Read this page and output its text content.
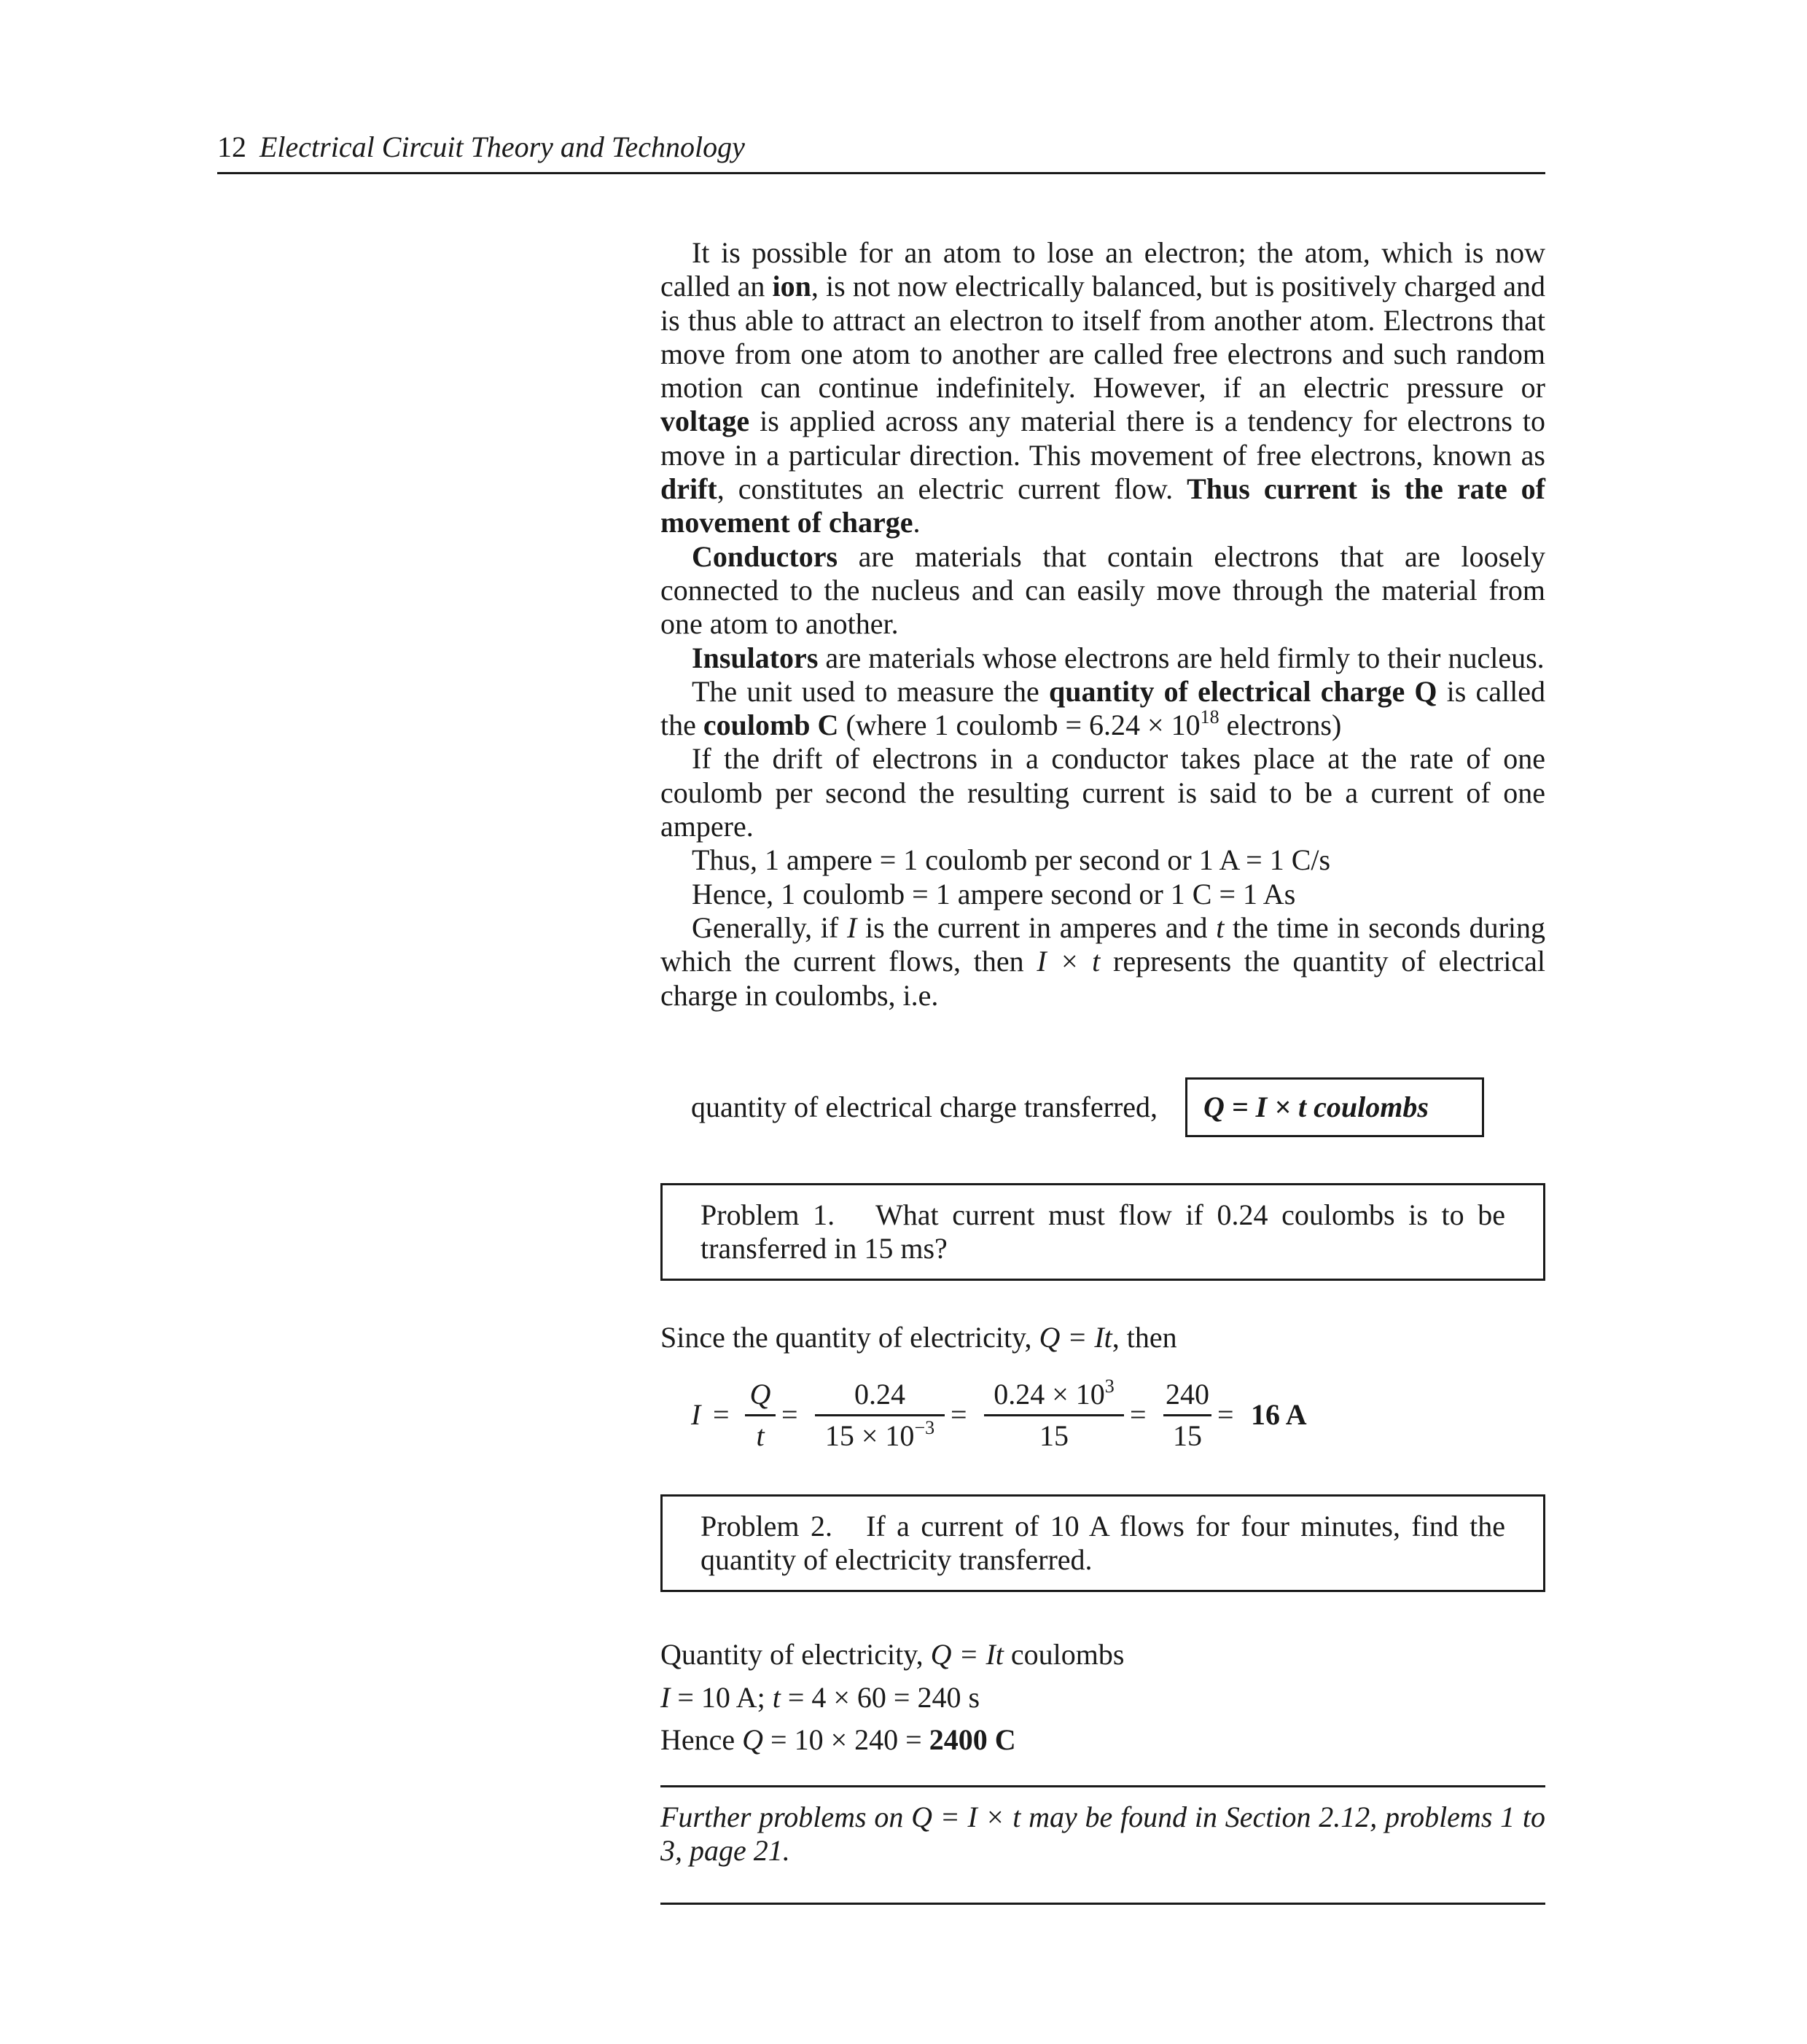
12 Electrical Circuit Theory and Technology

It is possible for an atom to lose an electron; the atom, which is now called an ion, is not now electrically balanced, but is positively charged and is thus able to attract an electron to itself from another atom. Electrons that move from one atom to another are called free electrons and such random motion can continue indefinitely. However, if an electric pressure or voltage is applied across any material there is a tendency for electrons to move in a particular direction. This movement of free electrons, known as drift, constitutes an electric current flow. Thus current is the rate of movement of charge.

Conductors are materials that contain electrons that are loosely connected to the nucleus and can easily move through the material from one atom to another.

Insulators are materials whose electrons are held firmly to their nucleus.

The unit used to measure the quantity of electrical charge Q is called the coulomb C (where 1 coulomb = $6.24 \times 10^{18}$ electrons)

If the drift of electrons in a conductor takes place at the rate of one coulomb per second the resulting current is said to be a current of one ampere.

Thus, 1 ampere = 1 coulomb per second or 1 A = 1 C/s

Hence, 1 coulomb = 1 ampere second or 1 C = 1 As

Generally, if I is the current in amperes and t the time in seconds during which the current flows, then I × t represents the quantity of electrical charge in coulombs, i.e.

quantity of electrical charge transferred,	Q = I × t coulombs
Problem 1. What current must flow if 0.24 coulombs is to be transferred in 15 ms?
Since the quantity of electricity, Q = It, then
I =
Q
t
=
0.24
$15 \times 10^{-3}$ =
$0.24 \times 10^3$
15
=
240
15
= 16 A
Problem 2. If a current of 10 A flows for four minutes, find the quantity of electricity transferred.
Quantity of electricity, Q = It coulombs
I = 10 A; t = 4 × 60 = 240 s
Hence Q = 10 × 240 = 2400 C
Further problems on Q = I × t may be found in Section 2.12, problems 1 to 3, page 21.
